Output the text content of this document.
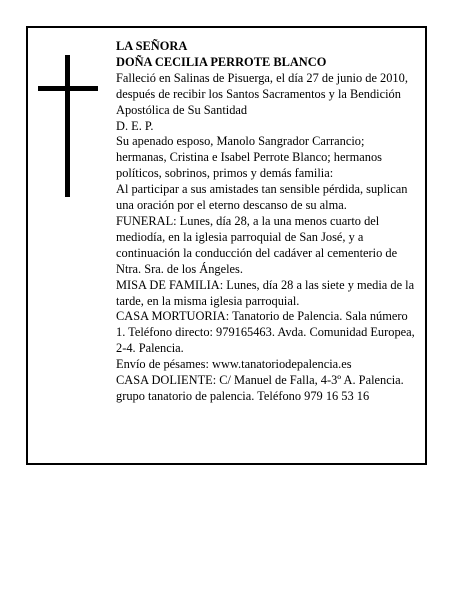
LA SEÑORA

DOÑA CECILIA PERROTE BLANCO

Falleció en Salinas de Pisuerga, el día 27 de junio de 2010, después de recibir los Santos Sacramentos y la Bendición Apostólica de Su Santidad

D. E. P.

Su apenado esposo, Manolo Sangrador Carrancio; hermanas, Cristina e Isabel Perrote Blanco; hermanos políticos, sobrinos, primos y demás familia:

Al participar a sus amistades tan sensible pérdida, suplican una oración por el eterno descanso de su alma.

FUNERAL: Lunes, día 28, a la una menos cuarto del mediodía, en la iglesia parroquial de San José, y a continuación la conducción del cadáver al cementerio de Ntra. Sra. de los Ángeles.

MISA DE FAMILIA: Lunes, día 28 a las siete y media de la tarde, en la misma iglesia parroquial.

CASA MORTUORIA: Tanatorio de Palencia. Sala número 1. Teléfono directo: 979165463. Avda. Comunidad Europea, 2-4. Palencia.

Envío de pésames: www.tanatoriodepalencia.es

CASA DOLIENTE: C/ Manuel de Falla, 4-3º A. Palencia.

grupo tanatorio de palencia. Teléfono 979 16 53 16
